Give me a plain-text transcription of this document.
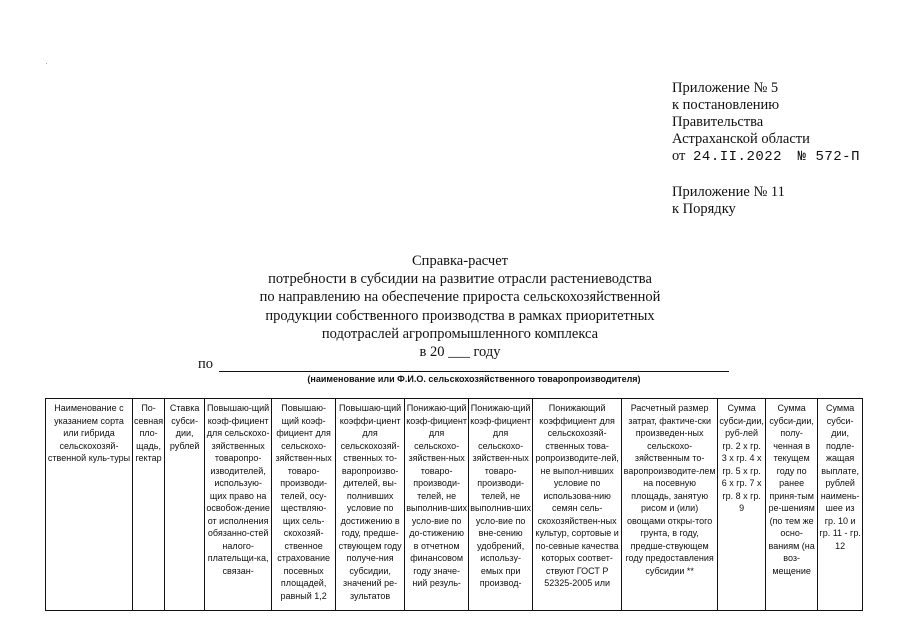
Приложение № 5
к постановлению
Правительства
Астраханской области
от 24.II.2022 № 572-П
Приложение № 11
к Порядку
Справка-расчет
потребности в субсидии на развитие отрасли растениеводства
по направлению на обеспечение прироста сельскохозяйственной
продукции собственного производства в рамках приоритетных
подотраслей агропромышленного комплекса
в 20 ___ году
по
(наименование или Ф.И.О. сельскохозяйственного товаропроизводителя)
Наименование с указанием сорта или гибрида сельскохозяй-ственной куль-туры	По-севная пло-щадь, гектар	Ставка субси-дии, рублей	Повышаю-щий коэф-фициент для сельскохо-зяйственных товаропро-изводителей, использую-щих право на освобож-дение от исполнения обязанно-стей налого-плательщи-ка, связан-	Повышаю-щий коэф-фициент для сельскохо-зяйствен-ных товаро-производи-телей, осу-ществляю-щих сель-скохозяй-ственное страхование посевных площадей, равный 1,2	Повышаю-щий коэффи-циент для сельскохозяй-ственных то-варопроизво-дителей, вы-полнивших условие по достижению в году, предше-ствующем году получе-ния субсидии, значений ре-зультатов	Понижаю-щий коэф-фициент для сельскохо-зяйствен-ных товаро-производи-телей, не выполнив-ших усло-вие по до-стижению в отчетном финансовом году значе-ний резуль-	Понижаю-щий коэф-фициент для сельскохо-зяйствен-ных товаро-производи-телей, не выполнив-ших усло-вие по вне-сению удобрений, использу-емых при производ-	Понижающий коэффициент для сельскохозяй-ственных това-ропроизводите-лей, не выпол-нивших условие по использова-нию семян сель-скохозяйствен-ных культур, сортовые и по-севные качества которых соответ-ствуют ГОСТ Р 52325-2005 или	Расчетный размер затрат, фактиче-ски произведен-ных сельскохо-зяйственным то-варопроизводите-лем на посевную площадь, занятую рисом и (или) овощами откры-того грунта, в году, предше-ствующем году предоставления субсидии **	Сумма субси-дии, руб-лей гр. 2 x гр. 3 x гр. 4 x гр. 5 x гр. 6 x гр. 7 x гр. 8 x гр. 9	Сумма субси-дии, полу-ченная в текущем году по ранее приня-тым ре-шениям (по тем же осно-ваниям (на воз-мещение	Сумма субси-дии, подле-жащая выплате, рублей наимень-шее из гр. 10 и гр. 11 - гр. 12
